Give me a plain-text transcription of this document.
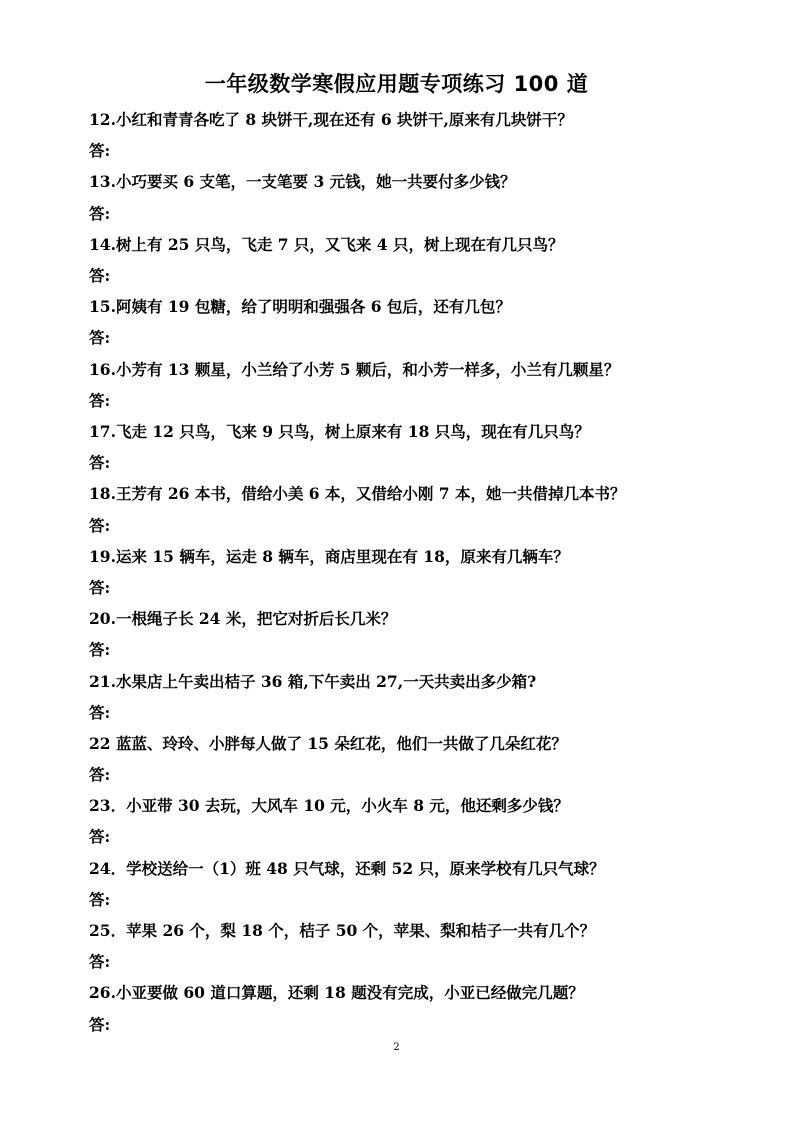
一年级数学寒假应用题专项练习 100 道
12.小红和青青各吃了 8 块饼干,现在还有 6 块饼干,原来有几块饼干？
答:
13.小巧要买 6 支笔，一支笔要 3 元钱，她一共要付多少钱？
答:
14.树上有 25 只鸟，飞走 7 只，又飞来 4 只，树上现在有几只鸟？
答:
15.阿姨有 19 包糖，给了明明和强强各 6 包后，还有几包？
答:
16.小芳有 13 颗星，小兰给了小芳 5 颗后，和小芳一样多，小兰有几颗星？
答:
17.飞走 12 只鸟，飞来 9 只鸟，树上原来有 18 只鸟，现在有几只鸟？
答:
18.王芳有 26 本书，借给小美 6 本，又借给小刚 7 本，她一共借掉几本书？
答:
19.运来 15 辆车，运走 8 辆车，商店里现在有 18，原来有几辆车？
答:
20.一根绳子长 24 米，把它对折后长几米？
答:
21.水果店上午卖出桔子 36 箱,下午卖出 27,一天共卖出多少箱?
答:
22 蓝蓝、玲玲、小胖每人做了 15 朵红花，他们一共做了几朵红花？
答:
23．小亚带 30 去玩，大风车 10 元，小火车 8 元，他还剩多少钱？
答:
24．学校送给一（1）班 48 只气球，还剩 52 只，原来学校有几只气球？
答:
25．苹果 26 个，梨 18 个，桔子 50 个，苹果、梨和桔子一共有几个？
答:
26.小亚要做 60 道口算题，还剩 18 题没有完成，小亚已经做完几题？
答:
2
